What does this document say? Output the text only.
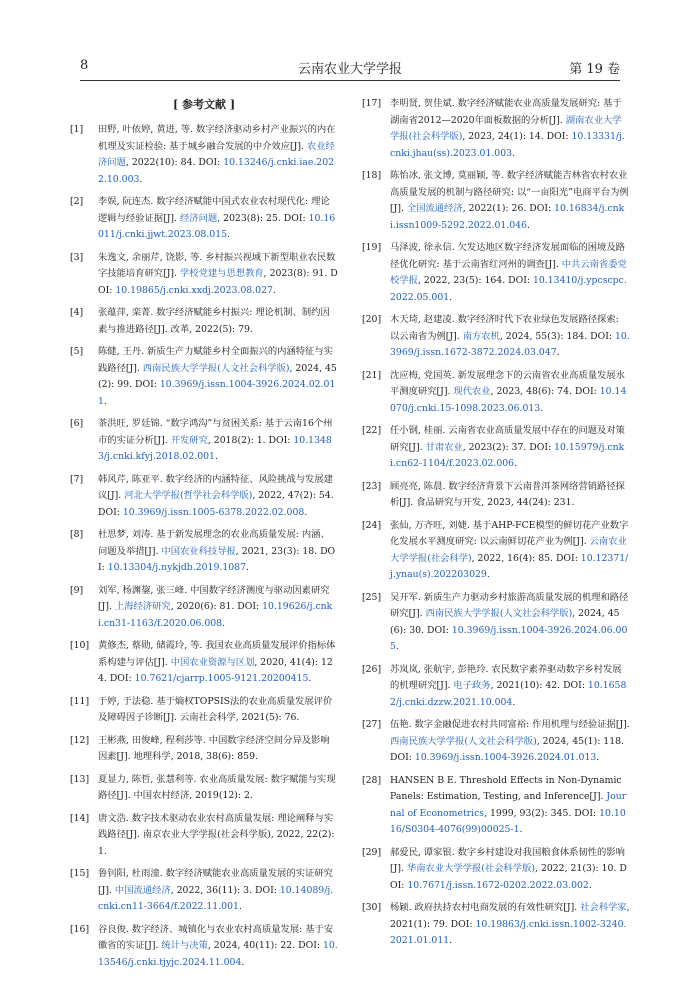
8	云南农业大学学报	第 19 卷
[ 参考文献 ]
[1]	田野, 叶依婷, 黄进, 等. 数字经济驱动乡村产业振兴的内在机理及实证检验: 基于城乡融合发展的中介效应[J]. 农业经济问题, 2022(10): 84. DOI: 10.13246/j.cnki.iae.2022.10.003.
[2]	李娱, 阮连杰. 数字经济赋能中国式农业农村现代化: 理论逻辑与经验证据[J]. 经济问题, 2023(8): 25. DOI: 10.16011/j.cnki.jjwt.2023.08.015.
[3]	朱逸文, 余丽芹, 饶影, 等. 乡村振兴视域下新型职业农民数字技能培育研究[J]. 学校党建与思想教育, 2023(8): 91. DOI: 10.19865/j.cnki.xxdj.2023.08.027.
[4]	张蕴萍, 栾菁. 数字经济赋能乡村振兴: 理论机制、制约因素与推进路径[J]. 改革, 2022(5): 79.
[5]	陈健, 王丹. 新质生产力赋能乡村全面振兴的内涵特征与实践路径[J]. 西南民族大学学报(人文社会科学版), 2024, 45(2): 99. DOI: 10.3969/j.issn.1004-3926.2024.02.011.
[6]	茶洪旺, 罗廷锦. “数字鸿沟”与贫困关系: 基于云南16个州市的实证分析[J]. 开发研究, 2018(2): 1. DOI: 10.13483/j.cnki.kfyj.2018.02.001.
[7]	韩风芹, 陈亚平. 数字经济的内涵特征、风险挑战与发展建议[J]. 河北大学学报(哲学社会科学版), 2022, 47(2): 54. DOI: 10.3969/j.issn.1005-6378.2022.02.008.
[8]	杜思梦, 刘涛. 基于新发展理念的农业高质量发展: 内涵、问题及举措[J]. 中国农业科技导报, 2021, 23(3): 18. DOI: 10.13304/j.nykjdb.2019.1087.
[9]	刘军, 杨渊鋆, 张三峰. 中国数字经济测度与驱动因素研究[J]. 上海经济研究, 2020(6): 81. DOI: 10.19626/j.cnki.cn31-1163/f.2020.06.008.
[10] 黄修杰, 蔡勋, 储霞玲, 等. 我国农业高质量发展评价指标体系构建与评估[J]. 中国农业资源与区划, 2020, 41(4): 124. DOI: 10.7621/cjarrp.1005-9121.20200415.
[11] 于婷, 于法稳. 基于熵权TOPSIS法的农业高质量发展评价及障碍因子诊断[J]. 云南社会科学, 2021(5): 76.
[12] 王彬燕, 田俊峰, 程利莎等. 中国数字经济空间分异及影响因素[J]. 地理科学, 2018, 38(6): 859.
[13] 夏显力, 陈哲, 张慧利等. 农业高质量发展: 数字赋能与实现路径[J]. 中国农村经济, 2019(12): 2.
[14] 唐文浩. 数字技术驱动农业农村高质量发展: 理论阐释与实践路径[J]. 南京农业大学学报(社会科学版), 2022, 22(2): 1.
[15] 鲁钊阳, 杜雨潼. 数字经济赋能农业高质量发展的实证研究[J]. 中国流通经济, 2022, 36(11): 3. DOI: 10.14089/j.cnki.cn11-3664/f.2022.11.001.
[16] 谷良俊. 数字经济、城镇化与农业农村高质量发展: 基于安徽省的实证[J]. 统计与决策, 2024, 40(11): 22. DOI: 10.13546/j.cnki.tjyjc.2024.11.004.
[17] 李明贤, 贺佳斌. 数字经济赋能农业高质量发展研究: 基于湖南省2012—2020年面板数据的分析[J]. 湖南农业大学学报(社会科学版), 2023, 24(1): 14. DOI: 10.13331/j.cnki.jhau(ss).2023.01.003.
[18] 陈怡冰, 张文博, 莫丽颖, 等. 数字经济赋能吉林省农村农业高质量发展的机制与路径研究: 以“一亩阳光”电商平台为例[J]. 全国流通经济, 2022(1): 26. DOI: 10.16834/j.cnki.issn1009-5292.2022.01.046.
[19] 马泽波, 徐永信. 欠发达地区数字经济发展面临的困境及路径优化研究: 基于云南省红河州的调查[J]. 中共云南省委党校学报, 2022, 23(5): 164. DOI: 10.13410/j.ypcscpc.2022.05.001.
[20] 木天琦, 赵建凌. 数字经济时代下农业绿色发展路径探索: 以云南省为例[J]. 南方农机, 2024, 55(3): 184. DOI: 10.3969/j.issn.1672-3872.2024.03.047.
[21] 沈应梅, 党国英. 新发展理念下的云南省农业高质量发展水平测度研究[J]. 现代农业, 2023, 48(6): 74. DOI: 10.14070/j.cnki.15-1098.2023.06.013.
[22] 任小钢, 桂丽. 云南省农业高质量发展中存在的问题及对策研究[J]. 甘肃农业, 2023(2): 37. DOI: 10.15979/j.cnki.cn62-1104/f.2023.02.006.
[23] 顾亮亮, 陈晨. 数字经济背景下云南普洱茶网络营销路径探析[J]. 食品研究与开发, 2023, 44(24): 231.
[24] 张仙, 万齐旺, 刘婕. 基于AHP-FCE模型的鲜切花产业数字化发展水平测度研究: 以云南鲜切花产业为例[J]. 云南农业大学学报(社会科学), 2022, 16(4): 85. DOI: 10.12371/j.ynau(s).202203029.
[25] 吴开军. 新质生产力驱动乡村旅游高质量发展的机理和路径研究[J]. 西南民族大学学报(人文社会科学版), 2024, 45(6): 30. DOI: 10.3969/j.issn.1004-3926.2024.06.005.
[26] 苏岚岚, 张航宇, 彭艳玲. 农民数字素养驱动数字乡村发展的机理研究[J]. 电子政务, 2021(10): 42. DOI: 10.16582/j.cnki.dzzw.2021.10.004.
[27] 伍艳. 数字金融促进农村共同富裕: 作用机理与经验证据[J]. 西南民族大学学报(人文社会科学版), 2024, 45(1): 118. DOI: 10.3969/j.issn.1004-3926.2024.01.013.
[28] HANSEN B E. Threshold Effects in Non-Dynamic Panels: Estimation, Testing, and Inference[J]. Journal of Econometrics, 1999, 93(2): 345. DOI: 10.1016/S0304-4076(99)00025-1.
[29] 郝爱民, 谭家银. 数字乡村建设对我国粮食体系韧性的影响[J]. 华南农业大学学报(社会科学版), 2022, 21(3): 10. DOI: 10.7671/j.issn.1672-0202.2022.03.002.
[30] 杨颖. 政府扶持农村电商发展的有效性研究[J]. 社会科学家, 2021(1): 79. DOI: 10.19863/j.cnki.issn.1002-3240.2021.01.011.
